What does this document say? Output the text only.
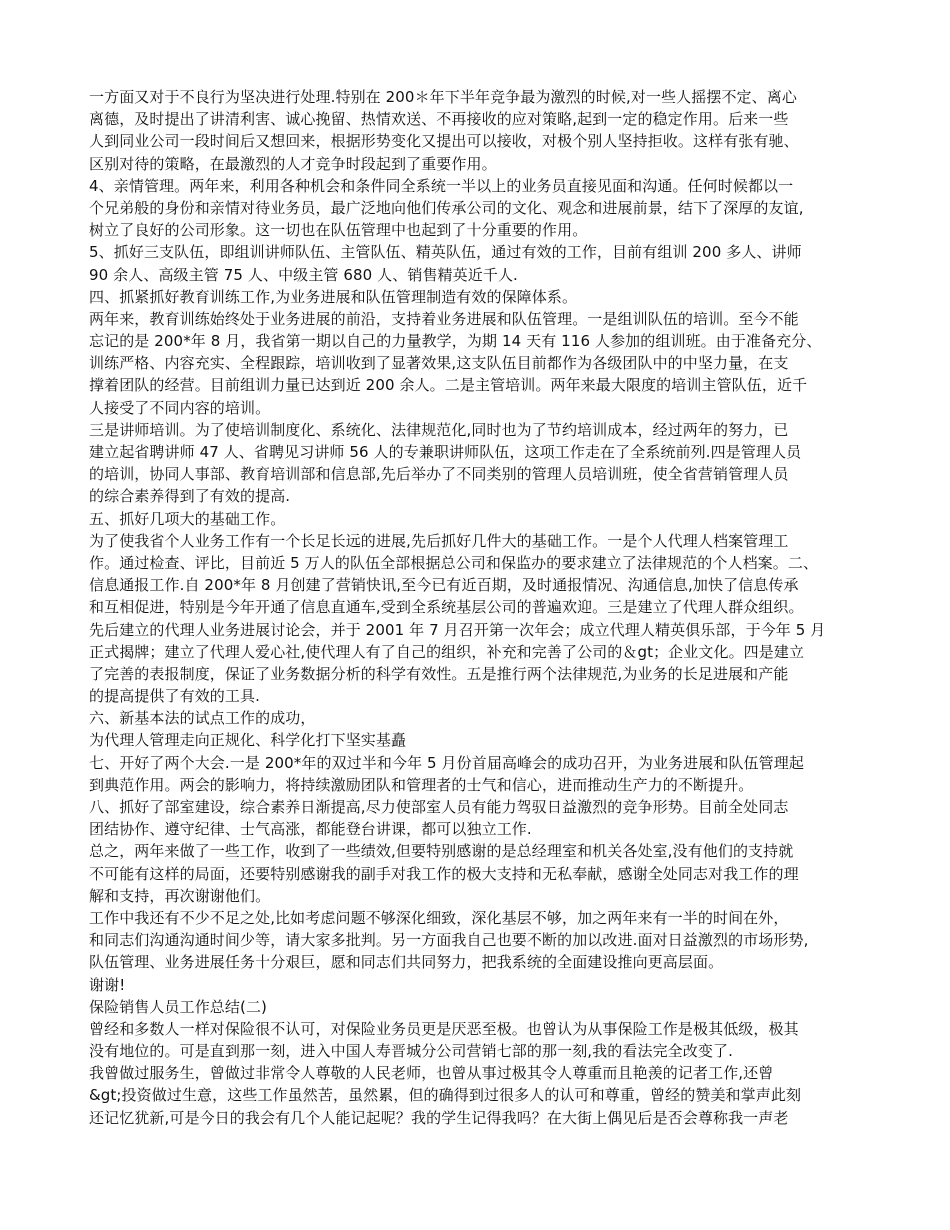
一方面又对于不良行为坚决进行处理.特别在 200＊年下半年竞争最为激烈的时候,对一些人摇摆不定、离心
离德，及时提出了讲清利害、诚心挽留、热情欢送、不再接收的应对策略,起到一定的稳定作用。后来一些
人到同业公司一段时间后又想回来，根据形势变化又提出可以接收，对极个别人坚持拒收。这样有张有驰、
区别对待的策略，在最激烈的人才竞争时段起到了重要作用。
4、亲情管理。两年来，利用各种机会和条件同全系统一半以上的业务员直接见面和沟通。任何时候都以一
个兄弟般的身份和亲情对待业务员，最广泛地向他们传承公司的文化、观念和进展前景，结下了深厚的友谊,
树立了良好的公司形象。这一切也在队伍管理中也起到了十分重要的作用。
5、抓好三支队伍，即组训讲师队伍、主管队伍、精英队伍，通过有效的工作，目前有组训 200 多人、讲师
90 余人、高级主管 75 人、中级主管 680 人、销售精英近千人.
四、抓紧抓好教育训练工作,为业务进展和队伍管理制造有效的保障体系。
两年来，教育训练始终处于业务进展的前沿，支持着业务进展和队伍管理。一是组训队伍的培训。至今不能
忘记的是 200*年 8 月，我省第一期以自己的力量教学，为期 14 天有 116 人参加的组训班。由于准备充分、
训练严格、内容充实、全程跟踪，培训收到了显著效果,这支队伍目前都作为各级团队中的中坚力量，在支
撑着团队的经营。目前组训力量已达到近 200 余人。二是主管培训。两年来最大限度的培训主管队伍，近千
人接受了不同内容的培训。
三是讲师培训。为了使培训制度化、系统化、法律规范化,同时也为了节约培训成本，经过两年的努力，已
建立起省聘讲师 47 人、省聘见习讲师 56 人的专兼职讲师队伍，这项工作走在了全系统前列.四是管理人员
的培训，协同人事部、教育培训部和信息部,先后举办了不同类别的管理人员培训班，使全省营销管理人员
的综合素养得到了有效的提高.
五、抓好几项大的基础工作。
为了使我省个人业务工作有一个长足长远的进展,先后抓好几件大的基础工作。一是个人代理人档案管理工
作。通过检查、评比，目前近 5 万人的队伍全部根据总公司和保监办的要求建立了法律规范的个人档案。二、
信息通报工作.自 200*年 8 月创建了营销快讯,至今已有近百期，及时通报情况、沟通信息,加快了信息传承
和互相促进，特别是今年开通了信息直通车,受到全系统基层公司的普遍欢迎。三是建立了代理人群众组织。
先后建立的代理人业务进展讨论会，并于 2001 年 7 月召开第一次年会；成立代理人精英俱乐部，于今年 5 月
正式揭牌；建立了代理人爱心社,使代理人有了自己的组织，补充和完善了公司的＆gt；企业文化。四是建立
了完善的表报制度，保证了业务数据分析的科学有效性。五是推行两个法律规范,为业务的长足进展和产能
的提高提供了有效的工具.
六、新基本法的试点工作的成功，
为代理人管理走向正规化、科学化打下坚实基矗
七、开好了两个大会.一是 200*年的双过半和今年 5 月份首届高峰会的成功召开，为业务进展和队伍管理起
到典范作用。两会的影响力，将持续激励团队和管理者的士气和信心，进而推动生产力的不断提升。
八、抓好了部室建设，综合素养日渐提高,尽力使部室人员有能力驾驭日益激烈的竞争形势。目前全处同志
团结协作、遵守纪律、士气高涨，都能登台讲课，都可以独立工作.
总之，两年来做了一些工作，收到了一些绩效,但要特别感谢的是总经理室和机关各处室,没有他们的支持就
不可能有这样的局面，还要特别感谢我的副手对我工作的极大支持和无私奉献，感谢全处同志对我工作的理
解和支持，再次谢谢他们。
工作中我还有不少不足之处,比如考虑问题不够深化细致，深化基层不够，加之两年来有一半的时间在外，
和同志们沟通沟通时间少等，请大家多批判。另一方面我自己也要不断的加以改进.面对日益激烈的市场形势,
队伍管理、业务进展任务十分艰巨，愿和同志们共同努力，把我系统的全面建设推向更高层面。
谢谢!
保险销售人员工作总结(二)
曾经和多数人一样对保险很不认可，对保险业务员更是厌恶至极。也曾认为从事保险工作是极其低级，极其
没有地位的。可是直到那一刻，进入中国人寿晋城分公司营销七部的那一刻,我的看法完全改变了.
我曾做过服务生，曾做过非常令人尊敬的人民老师，也曾从事过极其令人尊重而且艳羡的记者工作,还曾
&gt;投资做过生意，这些工作虽然苦，虽然累，但的确得到过很多人的认可和尊重，曾经的赞美和掌声此刻
还记忆犹新,可是今日的我会有几个人能记起呢？我的学生记得我吗？在大街上偶见后是否会尊称我一声老
